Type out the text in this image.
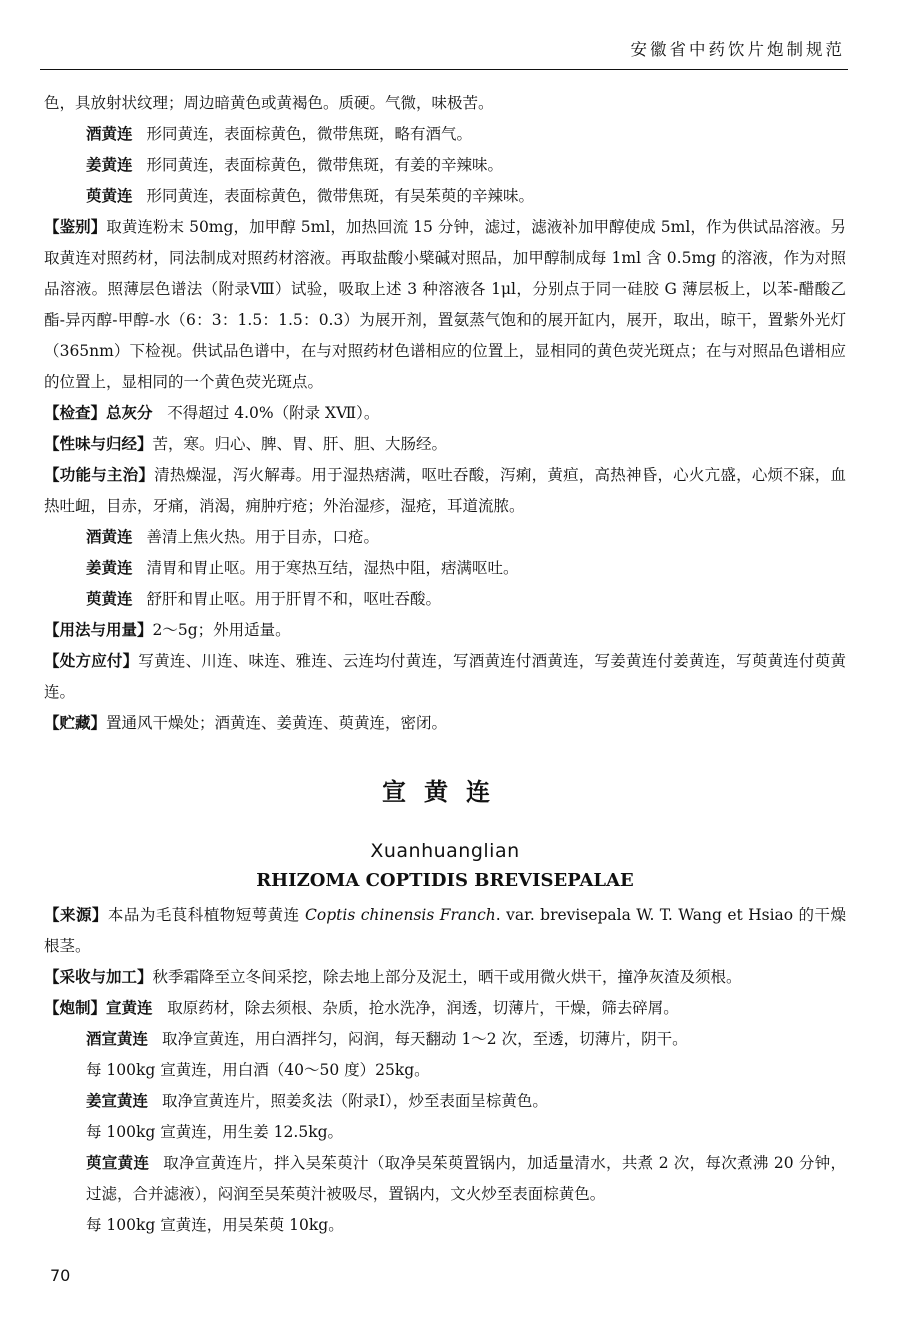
安徽省中药饮片炮制规范

色，具放射状纹理；周边暗黄色或黄褐色。质硬。气微，味极苦。

酒黄连 形同黄连，表面棕黄色，微带焦斑，略有酒气。

姜黄连 形同黄连，表面棕黄色，微带焦斑，有姜的辛辣味。

萸黄连 形同黄连，表面棕黄色，微带焦斑，有吴茱萸的辛辣味。

【鉴别】取黄连粉末 50mg，加甲醇 5ml，加热回流 15 分钟，滤过，滤液补加甲醇使成 5ml，作为供试品溶液。另取黄连对照药材，同法制成对照药材溶液。再取盐酸小檗碱对照品，加甲醇制成每 1ml 含 0.5mg 的溶液，作为对照品溶液。照薄层色谱法（附录Ⅷ）试验，吸取上述 3 种溶液各 1μl，分别点于同一硅胶 G 薄层板上，以苯-醋酸乙酯-异丙醇-甲醇-水（6：3：1.5：1.5：0.3）为展开剂，置氨蒸气饱和的展开缸内，展开，取出，晾干，置紫外光灯（365nm）下检视。供试品色谱中，在与对照药材色谱相应的位置上，显相同的黄色荧光斑点；在与对照品色谱相应的位置上，显相同的一个黄色荧光斑点。

【检查】总灰分 不得超过 4.0%（附录 XⅦ）。

【性味与归经】苦，寒。归心、脾、胃、肝、胆、大肠经。

【功能与主治】清热燥湿，泻火解毒。用于湿热痞满，呕吐吞酸，泻痢，黄疸，高热神昏，心火亢盛，心烦不寐，血热吐衄，目赤，牙痛，消渴，痈肿疔疮；外治湿疹，湿疮，耳道流脓。

酒黄连 善清上焦火热。用于目赤，口疮。

姜黄连 清胃和胃止呕。用于寒热互结，湿热中阻，痞满呕吐。

萸黄连 舒肝和胃止呕。用于肝胃不和，呕吐吞酸。

【用法与用量】2～5g；外用适量。

【处方应付】写黄连、川连、味连、雅连、云连均付黄连，写酒黄连付酒黄连，写姜黄连付姜黄连，写萸黄连付萸黄连。

【贮藏】置通风干燥处；酒黄连、姜黄连、萸黄连，密闭。

宣黄连
Xuanhuanglian
RHIZOMA COPTIDIS BREVISEPALAE

【来源】本品为毛茛科植物短萼黄连 Coptis chinensis Franch. var. brevisepala W. T. Wang et Hsiao 的干燥根茎。

【采收与加工】秋季霜降至立冬间采挖，除去地上部分及泥土，晒干或用微火烘干，撞净灰渣及须根。

【炮制】宣黄连 取原药材，除去须根、杂质，抢水洗净，润透，切薄片，干燥，筛去碎屑。

酒宣黄连 取净宣黄连，用白酒拌匀，闷润，每天翻动 1～2 次，至透，切薄片，阴干。

每 100kg 宣黄连，用白酒（40～50 度）25kg。

姜宣黄连 取净宣黄连片，照姜炙法（附录Ⅰ），炒至表面呈棕黄色。

每 100kg 宣黄连，用生姜 12.5kg。

萸宣黄连 取净宣黄连片，拌入吴茱萸汁（取净吴茱萸置锅内，加适量清水，共煮 2 次，每次煮沸 20 分钟，过滤，合并滤液），闷润至吴茱萸汁被吸尽，置锅内，文火炒至表面棕黄色。

每 100kg 宣黄连，用吴茱萸 10kg。

70
